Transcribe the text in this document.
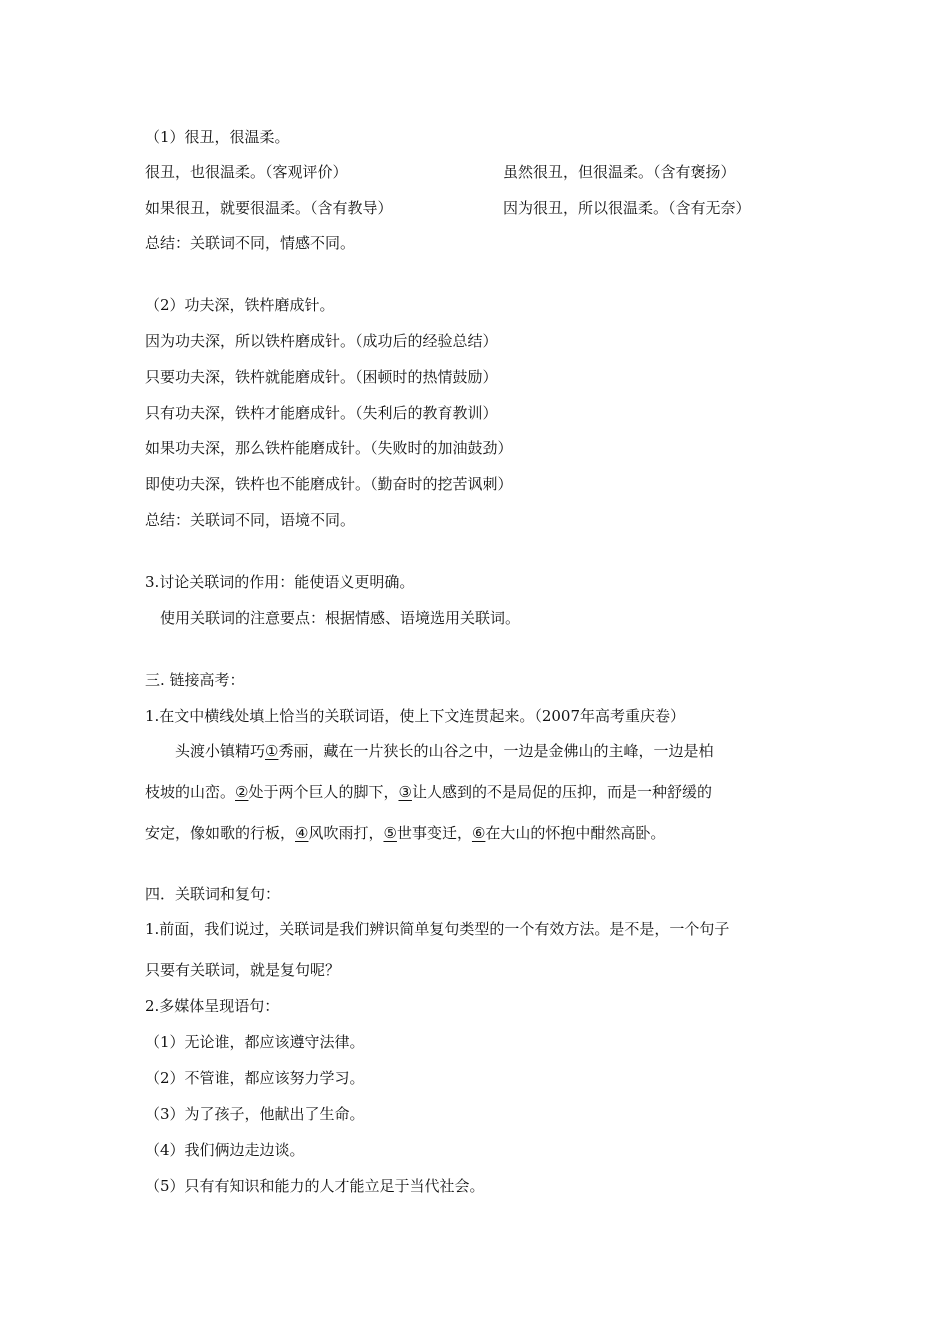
（1）很丑，很温柔。
很丑，也很温柔。（客观评价）	虽然很丑，但很温柔。（含有褒扬）
如果很丑，就要很温柔。（含有教导）	因为很丑，所以很温柔。（含有无奈）
总结：关联词不同，情感不同。
（2）功夫深，铁杵磨成针。
因为功夫深，所以铁杵磨成针。（成功后的经验总结）
只要功夫深，铁杵就能磨成针。（困顿时的热情鼓励）
只有功夫深，铁杵才能磨成针。（失利后的教育教训）
如果功夫深，那么铁杵能磨成针。（失败时的加油鼓劲）
即使功夫深，铁杵也不能磨成针。（勤奋时的挖苦讽刺）
总结：关联词不同，语境不同。
3.讨论关联词的作用：能使语义更明确。
使用关联词的注意要点：根据情感、语境选用关联词。
三. 链接高考：
1.在文中横线处填上恰当的关联词语，使上下文连贯起来。（2007年高考重庆卷）
头渡小镇精巧①秀丽，藏在一片狭长的山谷之中，一边是金佛山的主峰，一边是柏
枝坡的山峦。②处于两个巨人的脚下，③让人感到的不是局促的压抑，而是一种舒缓的
安定，像如歌的行板，④风吹雨打，⑤世事变迁，⑥在大山的怀抱中酣然高卧。
四．关联词和复句：
1.前面，我们说过，关联词是我们辨识简单复句类型的一个有效方法。是不是，一个句子
只要有关联词，就是复句呢？
2.多媒体呈现语句：
（1）无论谁，都应该遵守法律。
（2）不管谁，都应该努力学习。
（3）为了孩子，他献出了生命。
（4）我们俩边走边谈。
（5）只有有知识和能力的人才能立足于当代社会。
